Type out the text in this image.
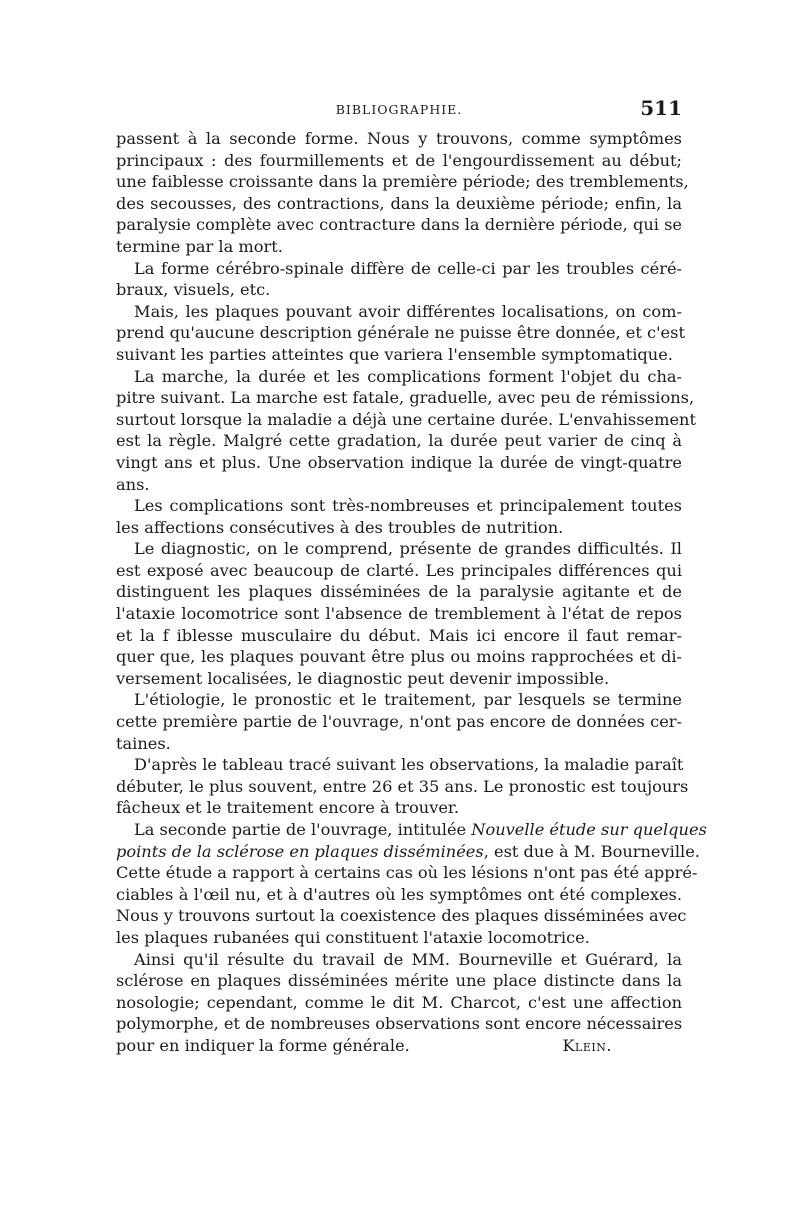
BIBLIOGRAPHIE.	511
passent à la seconde forme. Nous y trouvons, comme symptômes
principaux : des fourmillements et de l'engourdissement au début;
une faiblesse croissante dans la première période; des tremblements,
des secousses, des contractions, dans la deuxième période; enfin, la
paralysie complète avec contracture dans la dernière période, qui se
termine par la mort.
La forme cérébro-spinale diffère de celle-ci par les troubles céré-
braux, visuels, etc.
Mais, les plaques pouvant avoir différentes localisations, on com-
prend qu'aucune description générale ne puisse être donnée, et c'est
suivant les parties atteintes que variera l'ensemble symptomatique.
La marche, la durée et les complications forment l'objet du cha-
pitre suivant. La marche est fatale, graduelle, avec peu de rémissions,
surtout lorsque la maladie a déjà une certaine durée. L'envahissement
est la règle. Malgré cette gradation, la durée peut varier de cinq à
vingt ans et plus. Une observation indique la durée de vingt-quatre
ans.
Les complications sont très-nombreuses et principalement toutes
les affections consécutives à des troubles de nutrition.
Le diagnostic, on le comprend, présente de grandes difficultés. Il
est exposé avec beaucoup de clarté. Les principales différences qui
distinguent les plaques disséminées de la paralysie agitante et de
l'ataxie locomotrice sont l'absence de tremblement à l'état de repos
et la f iblesse musculaire du début. Mais ici encore il faut remar-
quer que, les plaques pouvant être plus ou moins rapprochées et di-
versement localisées, le diagnostic peut devenir impossible.
L'étiologie, le pronostic et le traitement, par lesquels se termine
cette première partie de l'ouvrage, n'ont pas encore de données cer-
taines.
D'après le tableau tracé suivant les observations, la maladie paraît
débuter, le plus souvent, entre 26 et 35 ans. Le pronostic est toujours
fâcheux et le traitement encore à trouver.
La seconde partie de l'ouvrage, intitulée Nouvelle étude sur quelques
points de la sclérose en plaques disséminées, est due à M. Bourneville.
Cette étude a rapport à certains cas où les lésions n'ont pas été appré-
ciables à l'œil nu, et à d'autres où les symptômes ont été complexes.
Nous y trouvons surtout la coexistence des plaques disséminées avec
les plaques rubanées qui constituent l'ataxie locomotrice.
Ainsi qu'il résulte du travail de MM. Bourneville et Guérard, la
sclérose en plaques disséminées mérite une place distincte dans la
nosologie; cependant, comme le dit M. Charcot, c'est une affection
polymorphe, et de nombreuses observations sont encore nécessaires
pour en indiquer la forme générale.	Klein.
